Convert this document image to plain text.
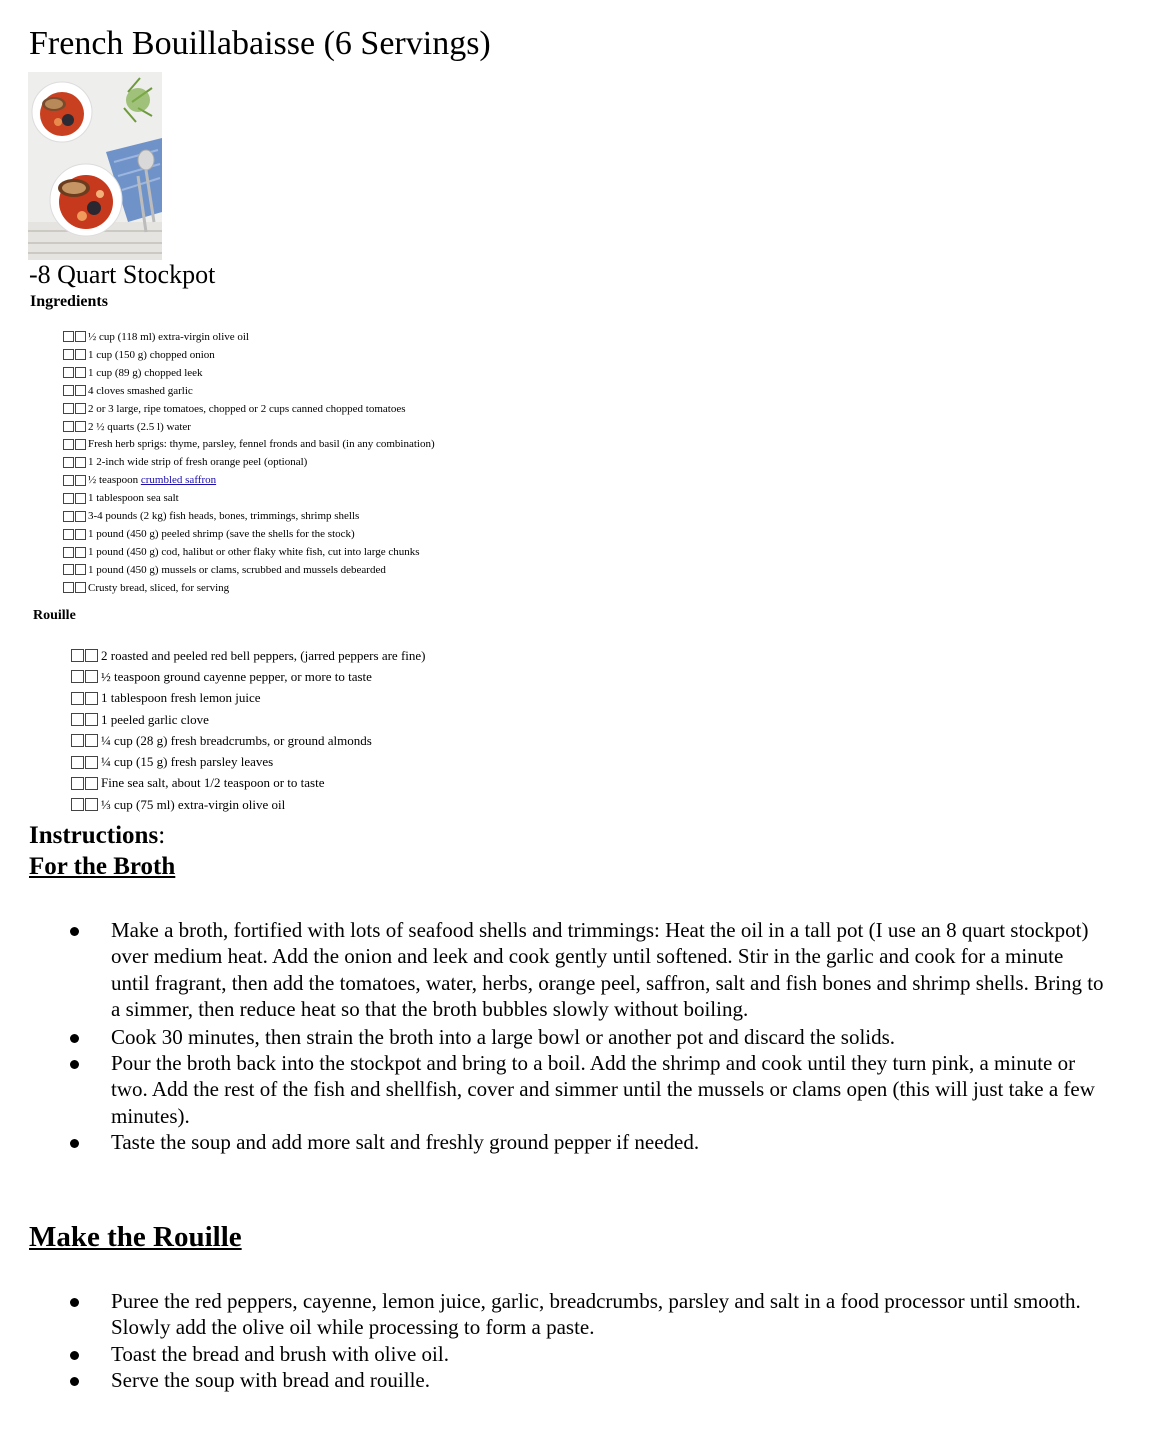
French Bouillabaisse (6 Servings)
-8 Quart Stockpot
Ingredients
½ cup (118 ml) extra-virgin olive oil
1 cup (150 g) chopped onion
1 cup (89 g) chopped leek
4 cloves smashed garlic
2 or 3 large, ripe tomatoes, chopped or 2 cups canned chopped tomatoes
2 ½ quarts (2.5 l) water
Fresh herb sprigs: thyme, parsley, fennel fronds and basil (in any combination)
1 2-inch wide strip of fresh orange peel (optional)
½ teaspoon crumbled saffron
1 tablespoon sea salt
3-4 pounds (2 kg) fish heads, bones, trimmings, shrimp shells
1 pound (450 g) peeled shrimp (save the shells for the stock)
1 pound (450 g) cod, halibut or other flaky white fish, cut into large chunks
1 pound (450 g) mussels or clams, scrubbed and mussels debearded
Crusty bread, sliced, for serving
Rouille
2 roasted and peeled red bell peppers, (jarred peppers are fine)
½ teaspoon ground cayenne pepper, or more to taste
1 tablespoon fresh lemon juice
1 peeled garlic clove
¼ cup (28 g) fresh breadcrumbs, or ground almonds
¼ cup (15 g) fresh parsley leaves
Fine sea salt, about 1/2 teaspoon or to taste
⅓ cup (75 ml) extra-virgin olive oil
Instructions:
For the Broth
Make a broth, fortified with lots of seafood shells and trimmings: Heat the oil in a tall pot (I use an 8 quart stockpot) over medium heat. Add the onion and leek and cook gently until softened. Stir in the garlic and cook for a minute until fragrant, then add the tomatoes, water, herbs, orange peel, saffron, salt and fish bones and shrimp shells. Bring to a simmer, then reduce heat so that the broth bubbles slowly without boiling.
Cook 30 minutes, then strain the broth into a large bowl or another pot and discard the solids.
Pour the broth back into the stockpot and bring to a boil. Add the shrimp and cook until they turn pink, a minute or two. Add the rest of the fish and shellfish, cover and simmer until the mussels or clams open (this will just take a few minutes).
Taste the soup and add more salt and freshly ground pepper if needed.
Make the Rouille
Puree the red peppers, cayenne, lemon juice, garlic, breadcrumbs, parsley and salt in a food processor until smooth. Slowly add the olive oil while processing to form a paste.
Toast the bread and brush with olive oil.
Serve the soup with bread and rouille.
